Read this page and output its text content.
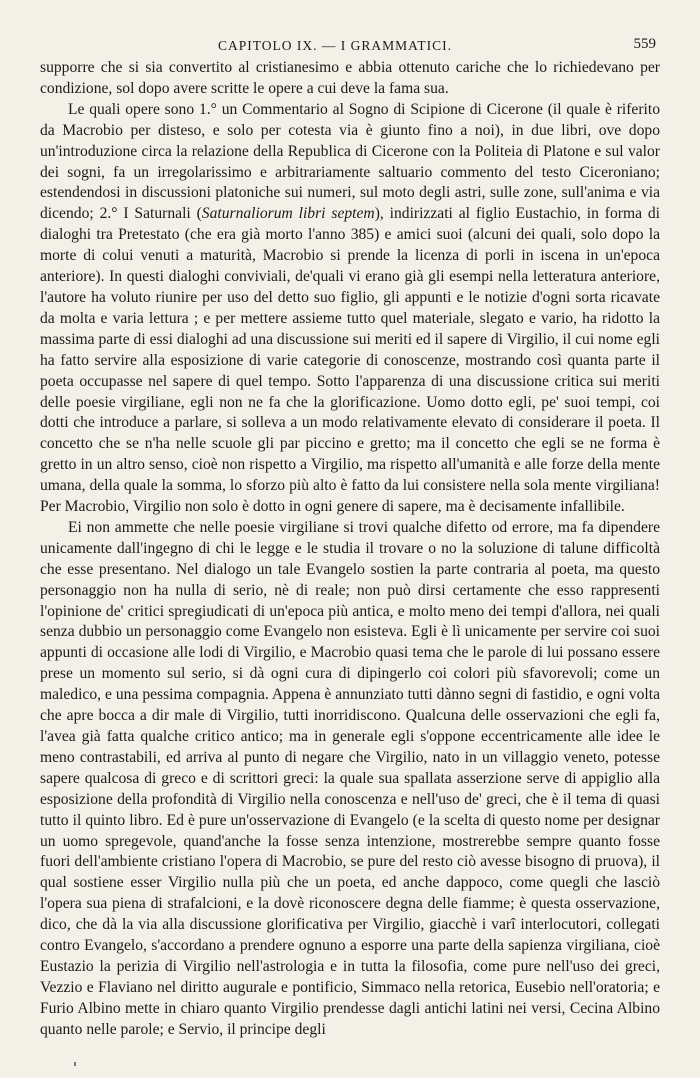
CAPITOLO IX. — I GRAMMATICI.	559

supporre che si sia convertito al cristianesimo e abbia ottenuto cariche che lo richiedevano per condizione, sol dopo avere scritte le opere a cui deve la fama sua.

Le quali opere sono 1.° un Commentario al Sogno di Scipione di Cicerone (il quale è riferito da Macrobio per disteso, e solo per cotesta via è giunto fino a noi), in due libri, ove dopo un'introduzione circa la relazione della Republica di Cicerone con la Politeia di Platone e sul valor dei sogni, fa un irregolarissimo e arbitrariamente saltuario commento del testo Ciceroniano; estendendosi in discussioni platoniche sui numeri, sul moto degli astri, sulle zone, sull'anima e via dicendo; 2.° I Saturnali (Saturnaliorum libri septem), indirizzati al figlio Eustachio, in forma di dialoghi tra Pretestato (che era già morto l'anno 385) e amici suoi (alcuni dei quali, solo dopo la morte di colui venuti a maturità, Macrobio si prende la licenza di porli in iscena in un'epoca anteriore). In questi dialoghi conviviali, de'quali vi erano già gli esempi nella letteratura anteriore, l'autore ha voluto riunire per uso del detto suo figlio, gli appunti e le notizie d'ogni sorta ricavate da molta e varia lettura ; e per mettere assieme tutto quel materiale, slegato e vario, ha ridotto la massima parte di essi dialoghi ad una discussione sui meriti ed il sapere di Virgilio, il cui nome egli ha fatto servire alla esposizione di varie categorie di conoscenze, mostrando così quanta parte il poeta occupasse nel sapere di quel tempo. Sotto l'apparenza di una discussione critica sui meriti delle poesie virgiliane, egli non ne fa che la glorificazione. Uomo dotto egli, pe' suoi tempi, coi dotti che introduce a parlare, si solleva a un modo relativamente elevato di considerare il poeta. Il concetto che se n'ha nelle scuole gli par piccino e gretto; ma il concetto che egli se ne forma è gretto in un altro senso, cioè non rispetto a Virgilio, ma rispetto all'umanità e alle forze della mente umana, della quale la somma, lo sforzo più alto è fatto da lui consistere nella sola mente virgiliana! Per Macrobio, Virgilio non solo è dotto in ogni genere di sapere, ma è decisamente infallibile.

Ei non ammette che nelle poesie virgiliane si trovi qualche difetto od errore, ma fa dipendere unicamente dall'ingegno di chi le legge e le studia il trovare o no la soluzione di talune difficoltà che esse presentano. Nel dialogo un tale Evangelo sostien la parte contraria al poeta, ma questo personaggio non ha nulla di serio, nè di reale; non può dirsi certamente che esso rappresenti l'opinione de' critici spregiudicati di un'epoca più antica, e molto meno dei tempi d'allora, nei quali senza dubbio un personaggio come Evangelo non esisteva. Egli è lì unicamente per servire coi suoi appunti di occasione alle lodi di Virgilio, e Macrobio quasi tema che le parole di lui possano essere prese un momento sul serio, si dà ogni cura di dipingerlo coi colori più sfavorevoli; come un maledico, e una pessima compagnia. Appena è annunziato tutti dànno segni di fastidio, e ogni volta che apre bocca a dir male di Virgilio, tutti inorridiscono. Qualcuna delle osservazioni che egli fa, l'avea già fatta qualche critico antico; ma in generale egli s'oppone eccentricamente alle idee le meno contrastabili, ed arriva al punto di negare che Virgilio, nato in un villaggio veneto, potesse sapere qualcosa di greco e di scrittori greci: la quale sua spallata asserzione serve di appiglio alla esposizione della profondità di Virgilio nella conoscenza e nell'uso de' greci, che è il tema di quasi tutto il quinto libro. Ed è pure un'osservazione di Evangelo (e la scelta di questo nome per designar un uomo spregevole, quand'anche la fosse senza intenzione, mostrerebbe sempre quanto fosse fuori dell'ambiente cristiano l'opera di Macrobio, se pure del resto ciò avesse bisogno di pruova), il qual sostiene esser Virgilio nulla più che un poeta, ed anche dappoco, come quegli che lasciò l'opera sua piena di strafalcioni, e la dovè riconoscere degna delle fiamme; è questa osservazione, dico, che dà la via alla discussione glorificativa per Virgilio, giacchè i varî interlocutori, collegati contro Evangelo, s'accordano a prendere ognuno a esporre una parte della sapienza virgiliana, cioè Eustazio la perizia di Virgilio nell'astrologia e in tutta la filosofia, come pure nell'uso dei greci, Vezzio e Flaviano nel diritto augurale e pontificio, Simmaco nella retorica, Eusebio nell'oratoria; e Furio Albino mette in chiaro quanto Virgilio prendesse dagli antichi latini nei versi, Cecina Albino quanto nelle parole; e Servio, il principe degli
